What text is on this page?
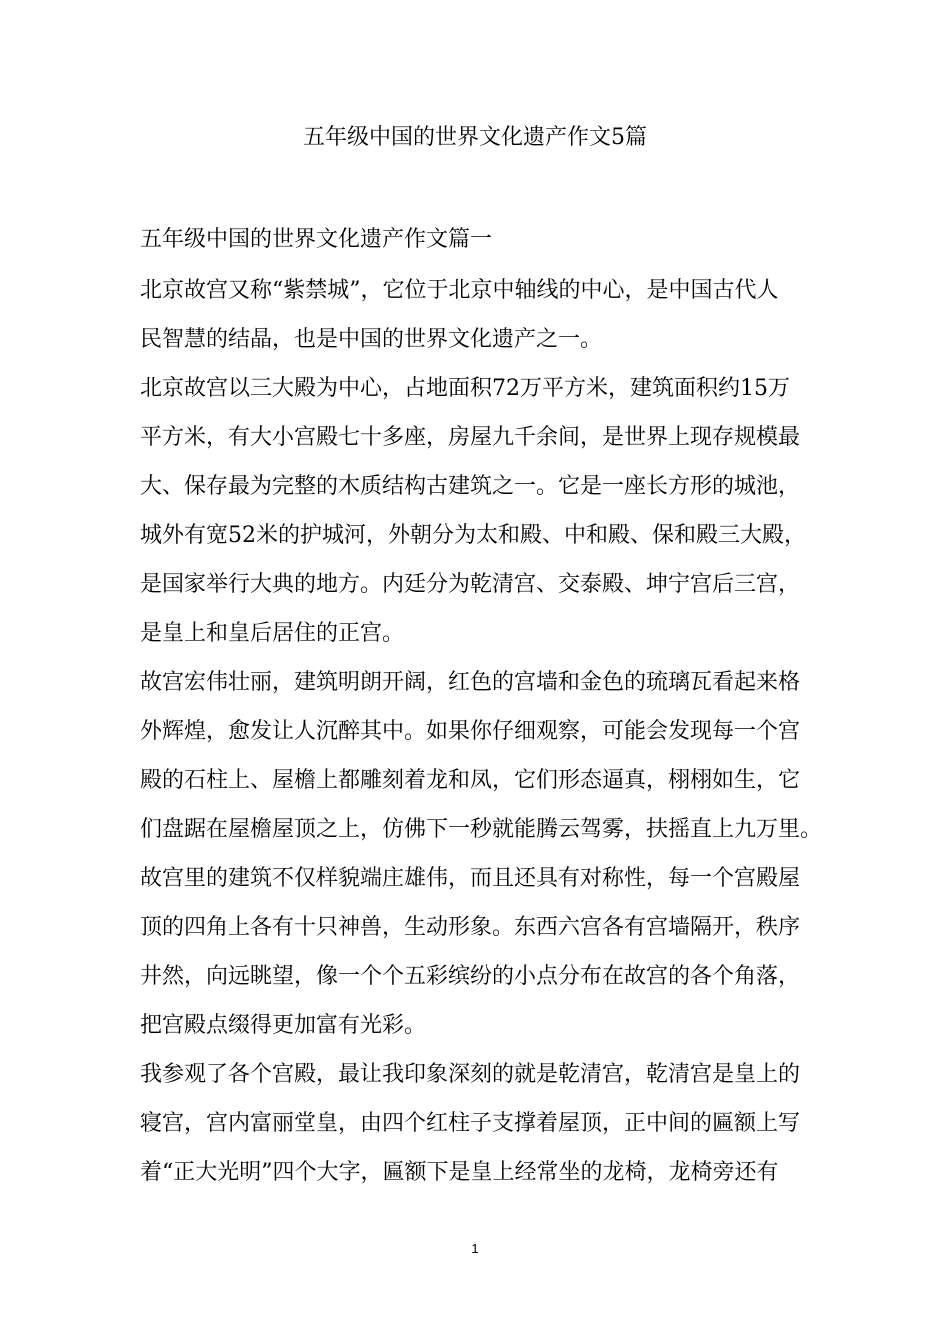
五年级中国的世界文化遗产作文5篇
五年级中国的世界文化遗产作文篇一
北京故宫又称“紫禁城”，它位于北京中轴线的中心，是中国古代人
民智慧的结晶，也是中国的世界文化遗产之一。
北京故宫以三大殿为中心，占地面积72万平方米，建筑面积约15万
平方米，有大小宫殿七十多座，房屋九千余间，是世界上现存规模最
大、保存最为完整的木质结构古建筑之一。它是一座长方形的城池，
城外有宽52米的护城河，外朝分为太和殿、中和殿、保和殿三大殿，
是国家举行大典的地方。内廷分为乾清宫、交泰殿、坤宁宫后三宫，
是皇上和皇后居住的正宫。
故宫宏伟壮丽，建筑明朗开阔，红色的宫墙和金色的琉璃瓦看起来格
外辉煌，愈发让人沉醉其中。如果你仔细观察，可能会发现每一个宫
殿的石柱上、屋檐上都雕刻着龙和凤，它们形态逼真，栩栩如生，它
们盘踞在屋檐屋顶之上，仿佛下一秒就能腾云驾雾，扶摇直上九万里。
故宫里的建筑不仅样貌端庄雄伟，而且还具有对称性，每一个宫殿屋
顶的四角上各有十只神兽，生动形象。东西六宫各有宫墙隔开，秩序
井然，向远眺望，像一个个五彩缤纷的小点分布在故宫的各个角落，
把宫殿点缀得更加富有光彩。
我参观了各个宫殿，最让我印象深刻的就是乾清宫，乾清宫是皇上的
寝宫，宫内富丽堂皇，由四个红柱子支撑着屋顶，正中间的匾额上写
着“正大光明”四个大字，匾额下是皇上经常坐的龙椅，龙椅旁还有
1
